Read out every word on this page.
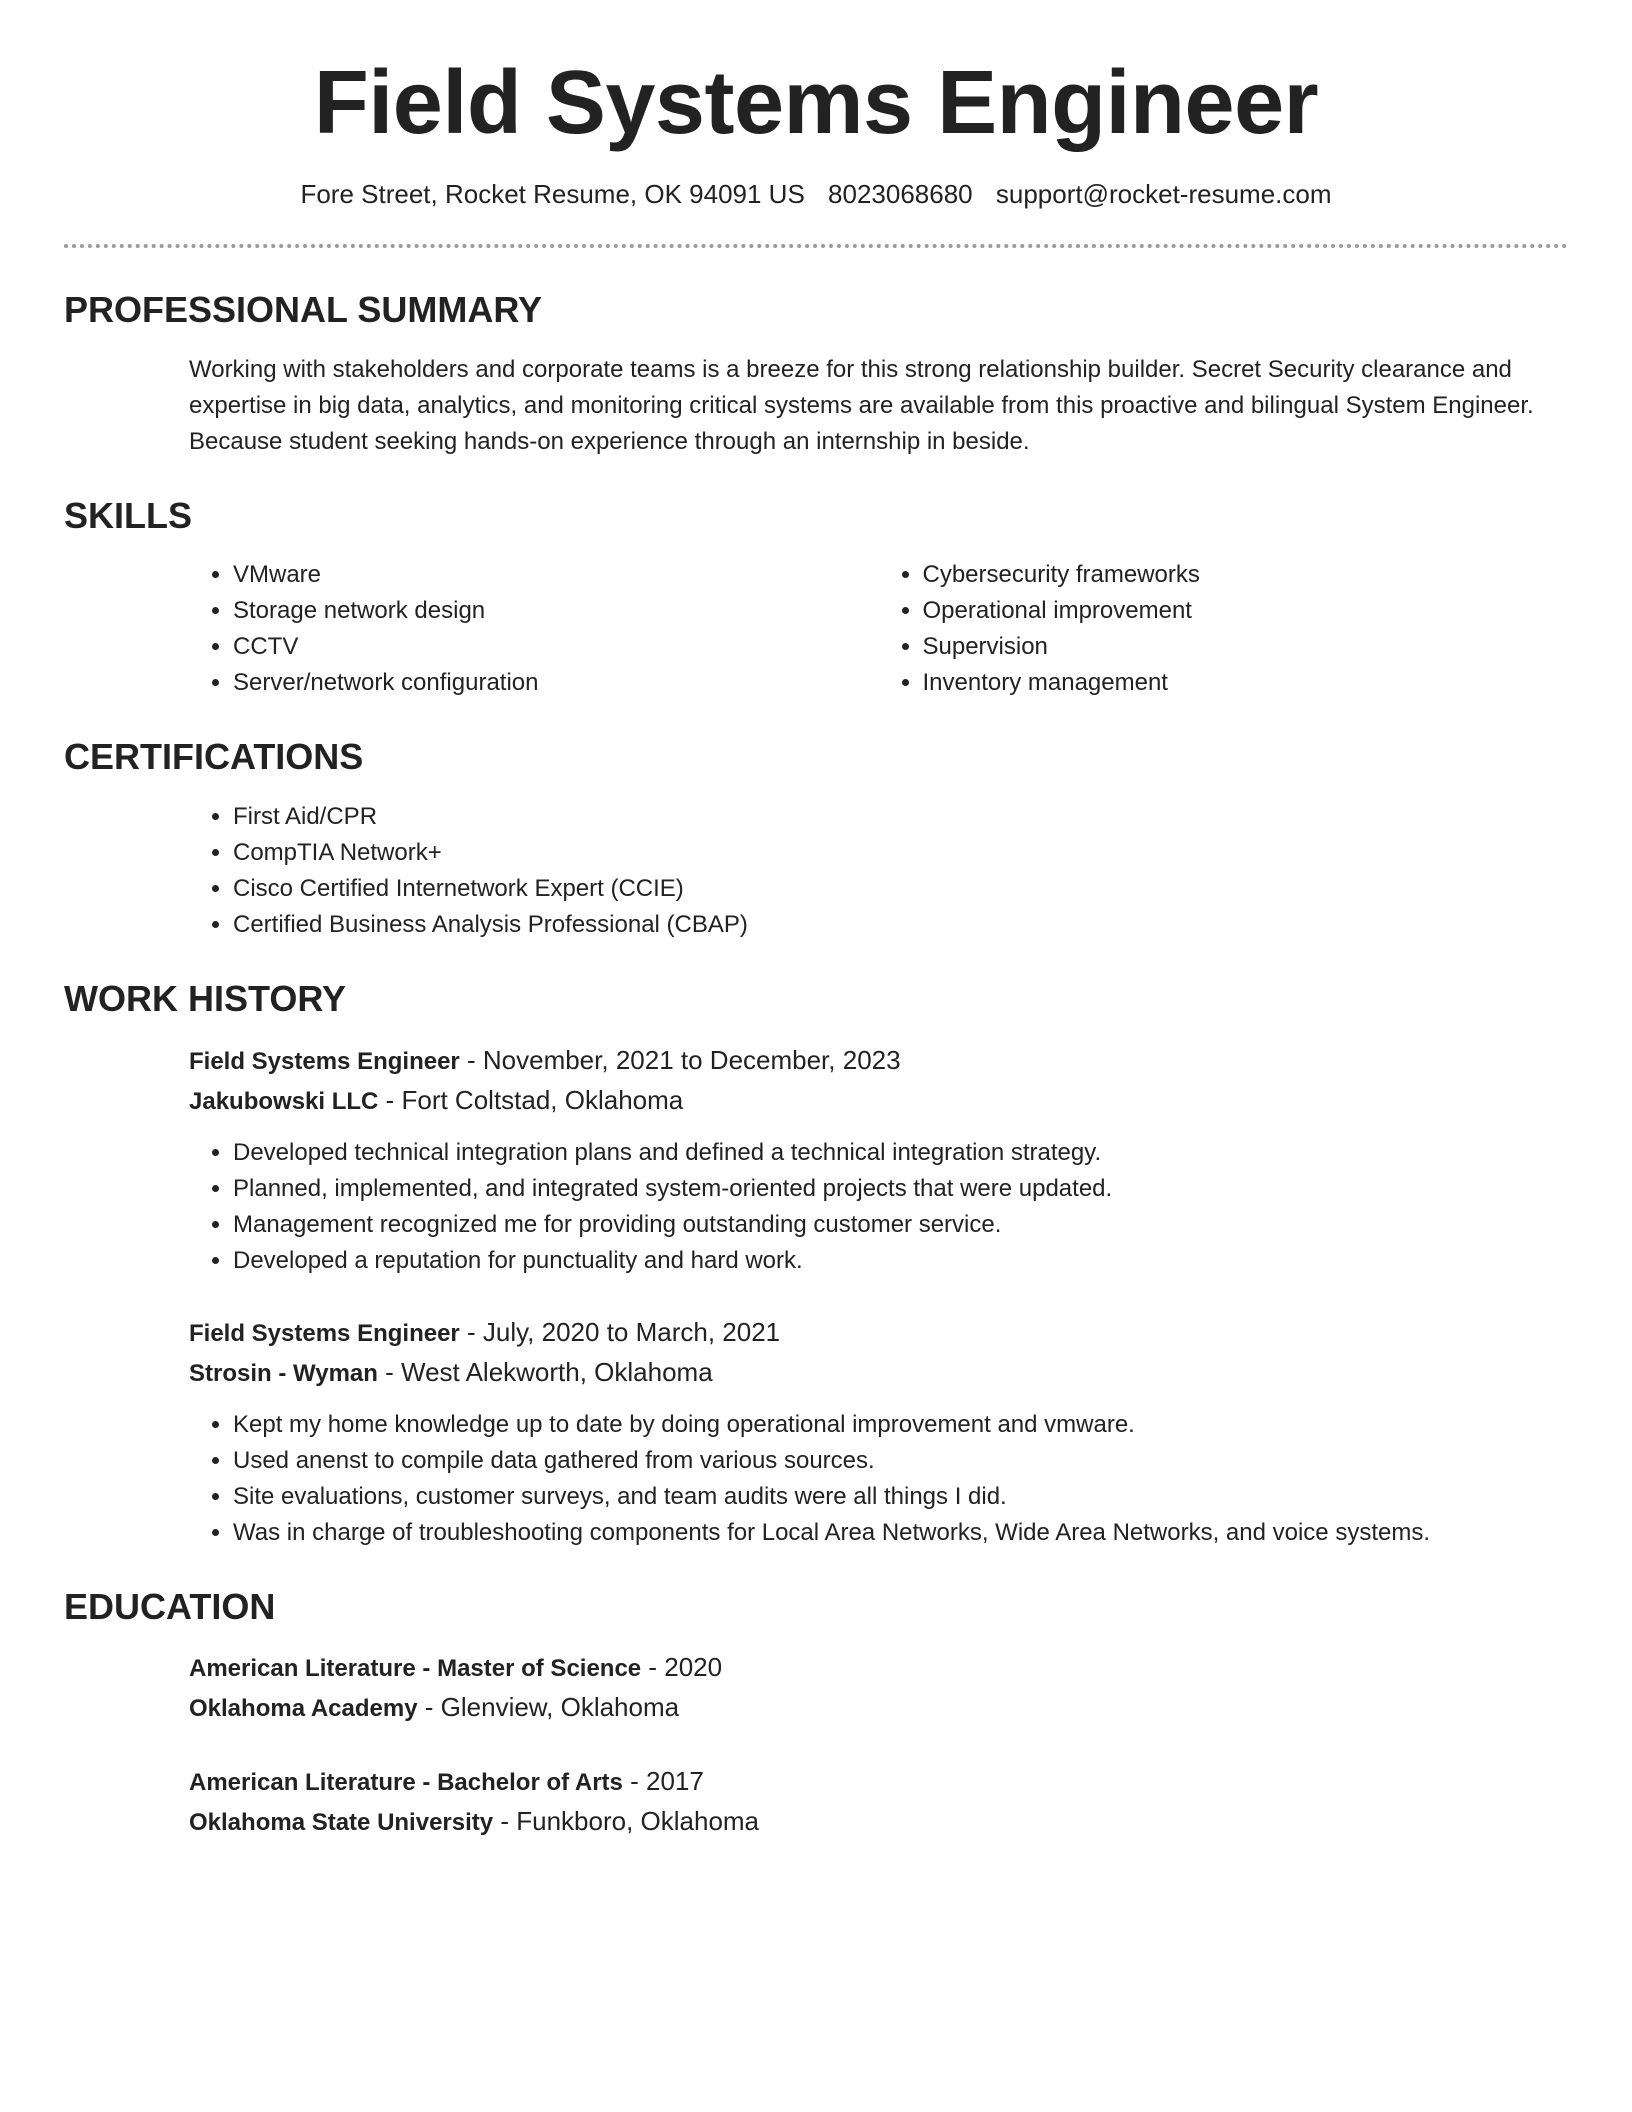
Field Systems Engineer
Fore Street, Rocket Resume, OK 94091 US 8023068680 support@rocket-resume.com
PROFESSIONAL SUMMARY

Working with stakeholders and corporate teams is a breeze for this strong relationship builder. Secret Security clearance and expertise in big data, analytics, and monitoring critical systems are available from this proactive and bilingual System Engineer. Because student seeking hands-on experience through an internship in beside.

SKILLS
• VMware
• Storage network design
• CCTV
• Server/network configuration
• Cybersecurity frameworks
• Operational improvement
• Supervision
• Inventory management
CERTIFICATIONS
• First Aid/CPR
• CompTIA Network+
• Cisco Certified Internetwork Expert (CCIE)
• Certified Business Analysis Professional (CBAP)
WORK HISTORY
Field Systems Engineer - November, 2021 to December, 2023
Jakubowski LLC - Fort Coltstad, Oklahoma
• Developed technical integration plans and defined a technical integration strategy.
• Planned, implemented, and integrated system-oriented projects that were updated.
• Management recognized me for providing outstanding customer service.
• Developed a reputation for punctuality and hard work.
Field Systems Engineer - July, 2020 to March, 2021
Strosin - Wyman - West Alekworth, Oklahoma
• Kept my home knowledge up to date by doing operational improvement and vmware.
• Used anenst to compile data gathered from various sources.
• Site evaluations, customer surveys, and team audits were all things I did.
• Was in charge of troubleshooting components for Local Area Networks, Wide Area Networks, and voice systems.
EDUCATION
American Literature - Master of Science - 2020
Oklahoma Academy - Glenview, Oklahoma
American Literature - Bachelor of Arts - 2017
Oklahoma State University - Funkboro, Oklahoma
